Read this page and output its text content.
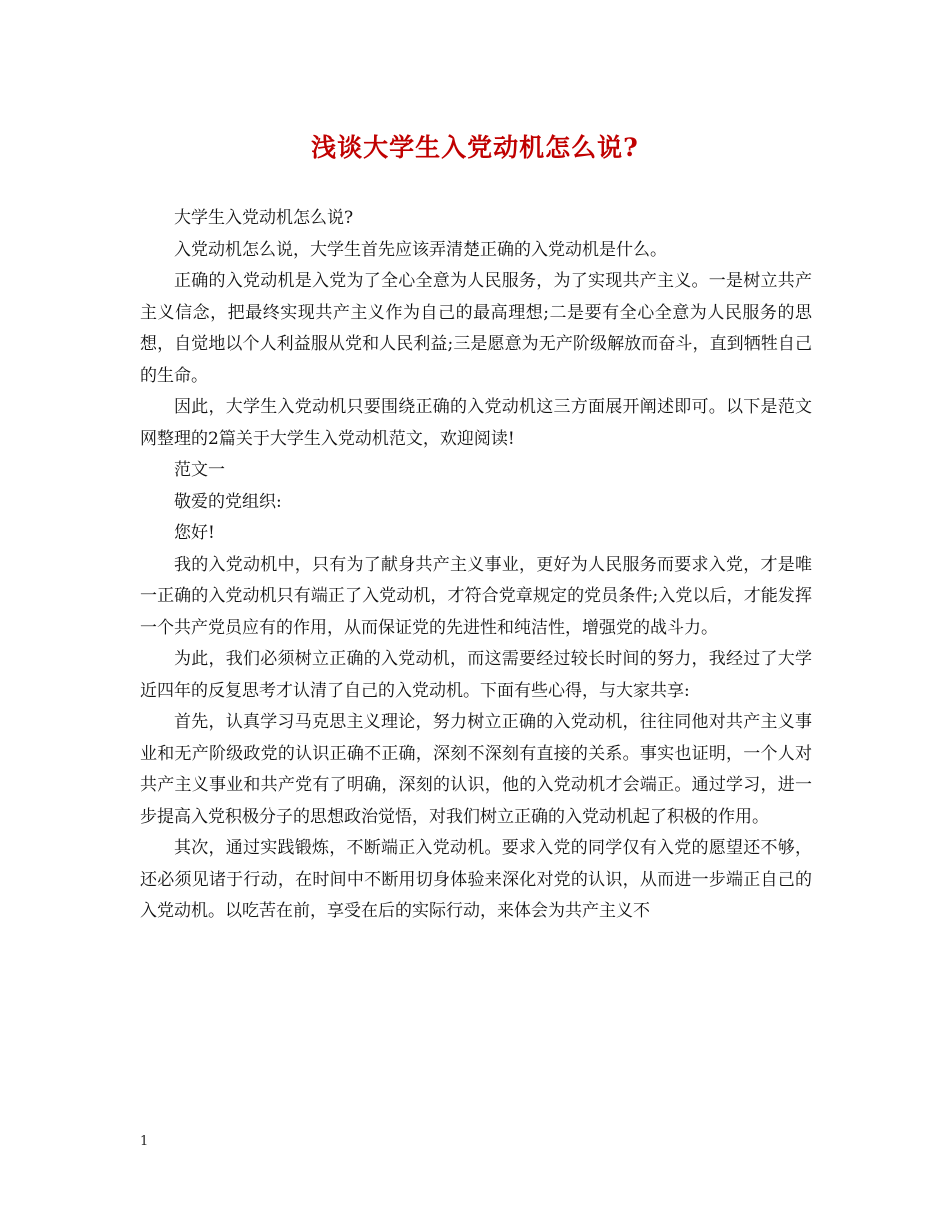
浅谈大学生入党动机怎么说?

大学生入党动机怎么说?

入党动机怎么说，大学生首先应该弄清楚正确的入党动机是什么。

正确的入党动机是入党为了全心全意为人民服务，为了实现共产主义。一是树立共产主义信念，把最终实现共产主义作为自己的最高理想;二是要有全心全意为人民服务的思想，自觉地以个人利益服从党和人民利益;三是愿意为无产阶级解放而奋斗，直到牺牲自己的生命。

因此，大学生入党动机只要围绕正确的入党动机这三方面展开阐述即可。以下是范文网整理的2篇关于大学生入党动机范文，欢迎阅读!

范文一

敬爱的党组织:

您好!

我的入党动机中，只有为了献身共产主义事业，更好为人民服务而要求入党，才是唯一正确的入党动机只有端正了入党动机，才符合党章规定的党员条件;入党以后，才能发挥一个共产党员应有的作用，从而保证党的先进性和纯洁性，增强党的战斗力。

为此，我们必须树立正确的入党动机，而这需要经过较长时间的努力，我经过了大学近四年的反复思考才认清了自己的入党动机。下面有些心得，与大家共享:

首先，认真学习马克思主义理论，努力树立正确的入党动机，往往同他对共产主义事业和无产阶级政党的认识正确不正确，深刻不深刻有直接的关系。事实也证明，一个人对共产主义事业和共产党有了明确，深刻的认识，他的入党动机才会端正。通过学习，进一步提高入党积极分子的思想政治觉悟，对我们树立正确的入党动机起了积极的作用。

其次，通过实践锻炼，不断端正入党动机。要求入党的同学仅有入党的愿望还不够，还必须见诸于行动，在时间中不断用切身体验来深化对党的认识，从而进一步端正自己的入党动机。以吃苦在前，享受在后的实际行动，来体会为共产主义不

1
